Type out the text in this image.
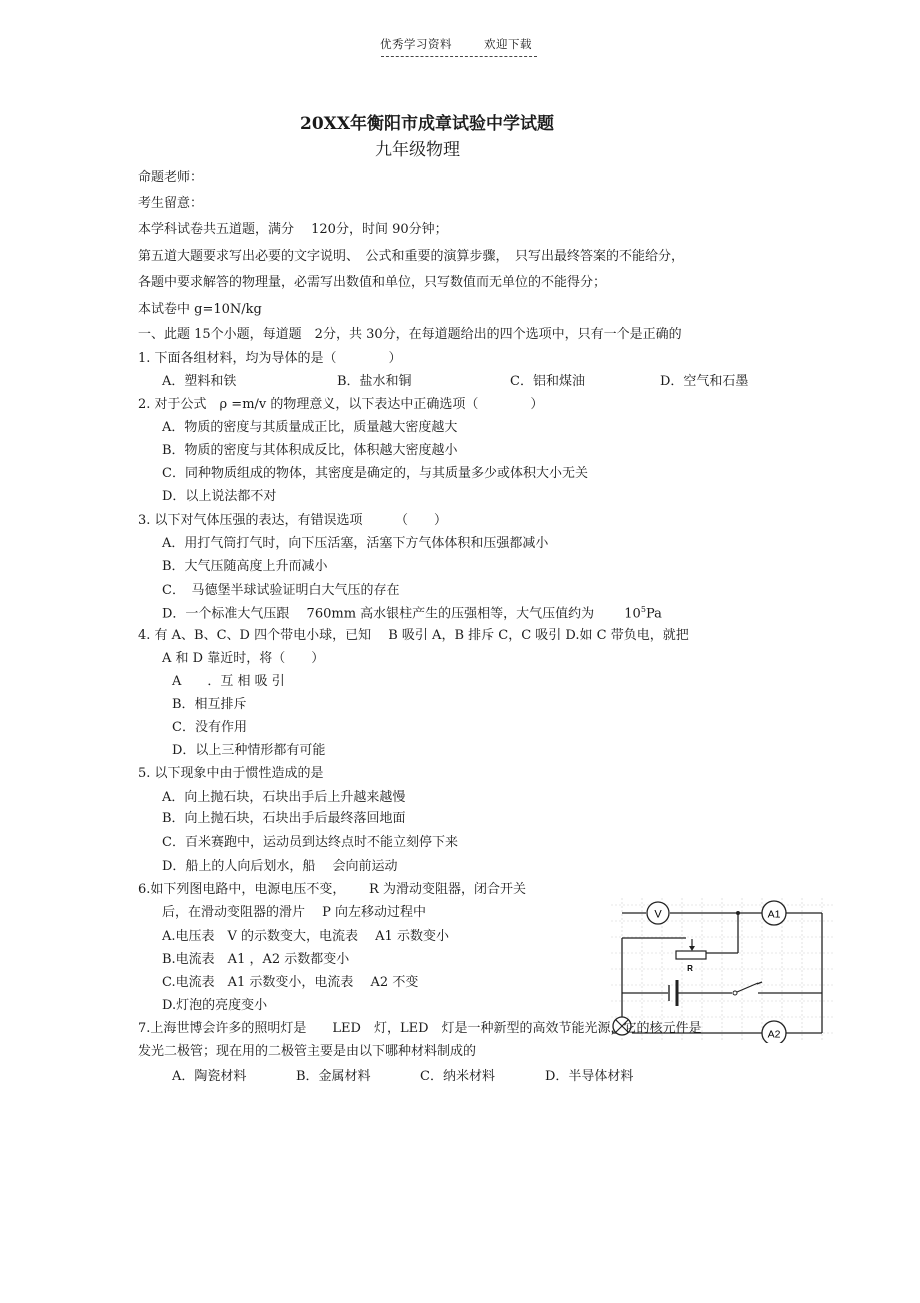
优秀学习资料	欢迎下载
20XX年衡阳市成章试验中学试题
九年级物理
命题老师：
考生留意：
本学科试卷共五道题，满分　 120分，时间 90分钟；
第五道大题要求写出必要的文字说明、　公式和重要的演算步骤，　只写出最终答案的不能给分，
各题中要求解答的物理量，必需写出数值和单位，只写数值而无单位的不能得分；
本试卷中 g=10N/kg
一、此题 15个小题，每道题　2分，共 30分，在每道题给出的四个选项中，只有一个是正确的
1. 下面各组材料，均为导体的是（　　　　）
A．塑料和铁	B．盐水和铜	C．铝和煤油	D．空气和石墨
2. 对于公式　ρ =m/v 的物理意义，以下表达中正确选项（　　　　）
A．物质的密度与其质量成正比，质量越大密度越大
B．物质的密度与其体积成反比，体积越大密度越小
C．同种物质组成的物体，其密度是确定的，与其质量多少或体积大小无关
D．以上说法都不对
3. 以下对气体压强的表达，有错误选项　　　（　　）
A．用打气筒打气时，向下压活塞，活塞下方气体体积和压强都减小
B．大气压随高度上升而减小
C．　马德堡半球试验证明白大气压的存在
D．一个标准大气压跟　 760mm 高水银柱产生的压强相等，大气压值约为　　 $10^5Pa$
4. 有 A、B、C、D 四个带电小球，已知　 B 吸引 A，B 排斥 C，C 吸引 D.如 C 带负电，就把
A 和 D 靠近时，将（　　）
A　　．互 相 吸 引
B．相互排斥
C．没有作用
D．以上三种情形都有可能
5. 以下现象中由于惯性造成的是
A．向上抛石块，石块出手后上升越来越慢
B．向上抛石块，石块出手后最终落回地面
C．百米赛跑中，运动员到达终点时不能立刻停下来
D．船上的人向后划水，船　 会向前运动
6.如下列图电路中，电源电压不变，　　 R 为滑动变阻器，闭合开关
后，在滑动变阻器的滑片　 P 向左移动过程中
A.电压表　V 的示数变大，电流表　 A1 示数变小
B.电流表　A1 ，A2 示数都变小
C.电流表　A1 示数变小，电流表　 A2 不变
D.灯泡的亮度变小
V	A1
R
A2
7.上海世博会许多的照明灯是　　LED　灯，LED　灯是一种新型的高效节能光源，它的核元件是
发光二极管；现在用的二极管主要是由以下哪种材料制成的
A．陶瓷材料	B．金属材料	C．纳米材料	D．半导体材料
